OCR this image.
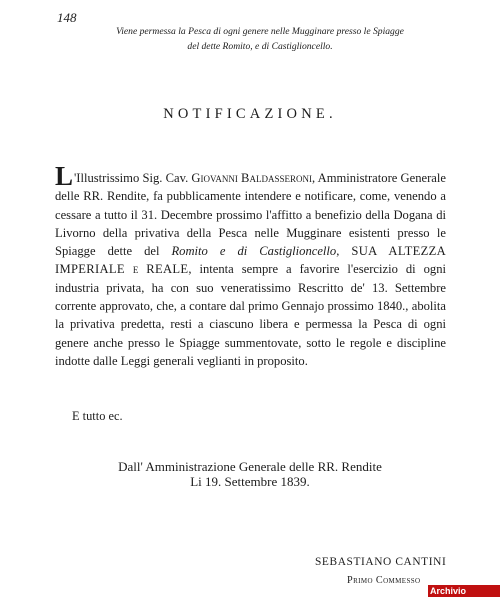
148
Viene permessa la Pesca di ogni genere nelle Mugginare presso le Spiagge
del dette Romito, e di Castiglioncello.
NOTIFICAZIONE.

L'Illustrissimo Sig. Cav. Giovanni Baldasseroni, Amministratore Generale delle RR. Rendite, fa pubblicamente intendere e notificare, come, venendo a cessare a tutto il 31. Decembre prossimo l'affitto a benefizio della Dogana di Livorno della privativa della Pesca nelle Mugginare esistenti presso le Spiagge dette del Romito e di Castiglioncello, SUA ALTEZZA IMPERIALE e REALE, intenta sempre a favorire l'esercizio di ogni industria privata, ha con suo veneratissimo Rescritto de' 13. Settembre corrente approvato, che, a contare dal primo Gennajo prossimo 1840., abolita la privativa predetta, resti a ciascuno libera e permessa la Pesca di ogni genere anche presso le Spiagge summentovate, sotto le regole e discipline indotte dalle Leggi generali veglianti in proposito.

E tutto ec.
Dall' Amministrazione Generale delle RR. Rendite
Li 19. Settembre 1839.
SEBASTIANO CANTINI
Primo Commesso
Archivio Storico
